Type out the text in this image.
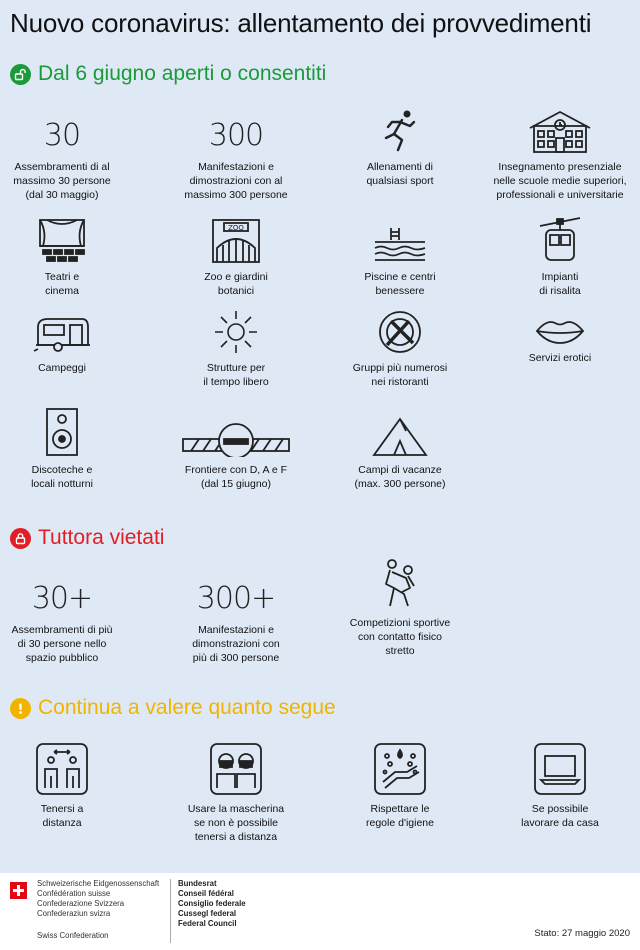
Nuovo coronavirus: allentamento dei provvedimenti
Dal 6 giugno aperti o consentiti
30
Assembramenti di al
massimo 30 persone
(dal 30 maggio)
300
Manifestazioni e
dimostrazioni con al
massimo 300 persone
Allenamenti di
qualsiasi sport
Insegnamento presenziale
nelle scuole medie superiori,
professionali e universitarie
Teatri e
cinema
ZOO
Zoo e giardini
botanici
Piscine e centri
benessere
Impianti
di risalita
Campeggi	Strutture per
il tempo libero
Gruppi più numerosi
nei ristoranti
Servizi erotici
Discoteche e
locali notturni
Frontiere con D, A e F
(dal 15 giugno)
Campi di vacanze
(max. 300 persone)
Tuttora vietati
30+
Assembramenti di più
di 30 persone nello
spazio pubblico
300+
Manifestazioni e
dimonstrazioni con
più di 300 persone
Competizioni sportive
con contatto fisico
stretto
Continua a valere quanto segue
Tenersi a
distanza
Usare la mascherina
se non è possibile
tenersi a distanza
Rispettare le
regole d'igiene
Se possibile
lavorare da casa
Schweizerische Eidgenossenschaft
Confédération suisse
Confederazione Svizzera
Confederaziun svizra
Swiss Confederation
Bundesrat
Conseil fédéral
Consiglio federale
Cussegl federal
Federal Council
Stato: 27 maggio 2020
